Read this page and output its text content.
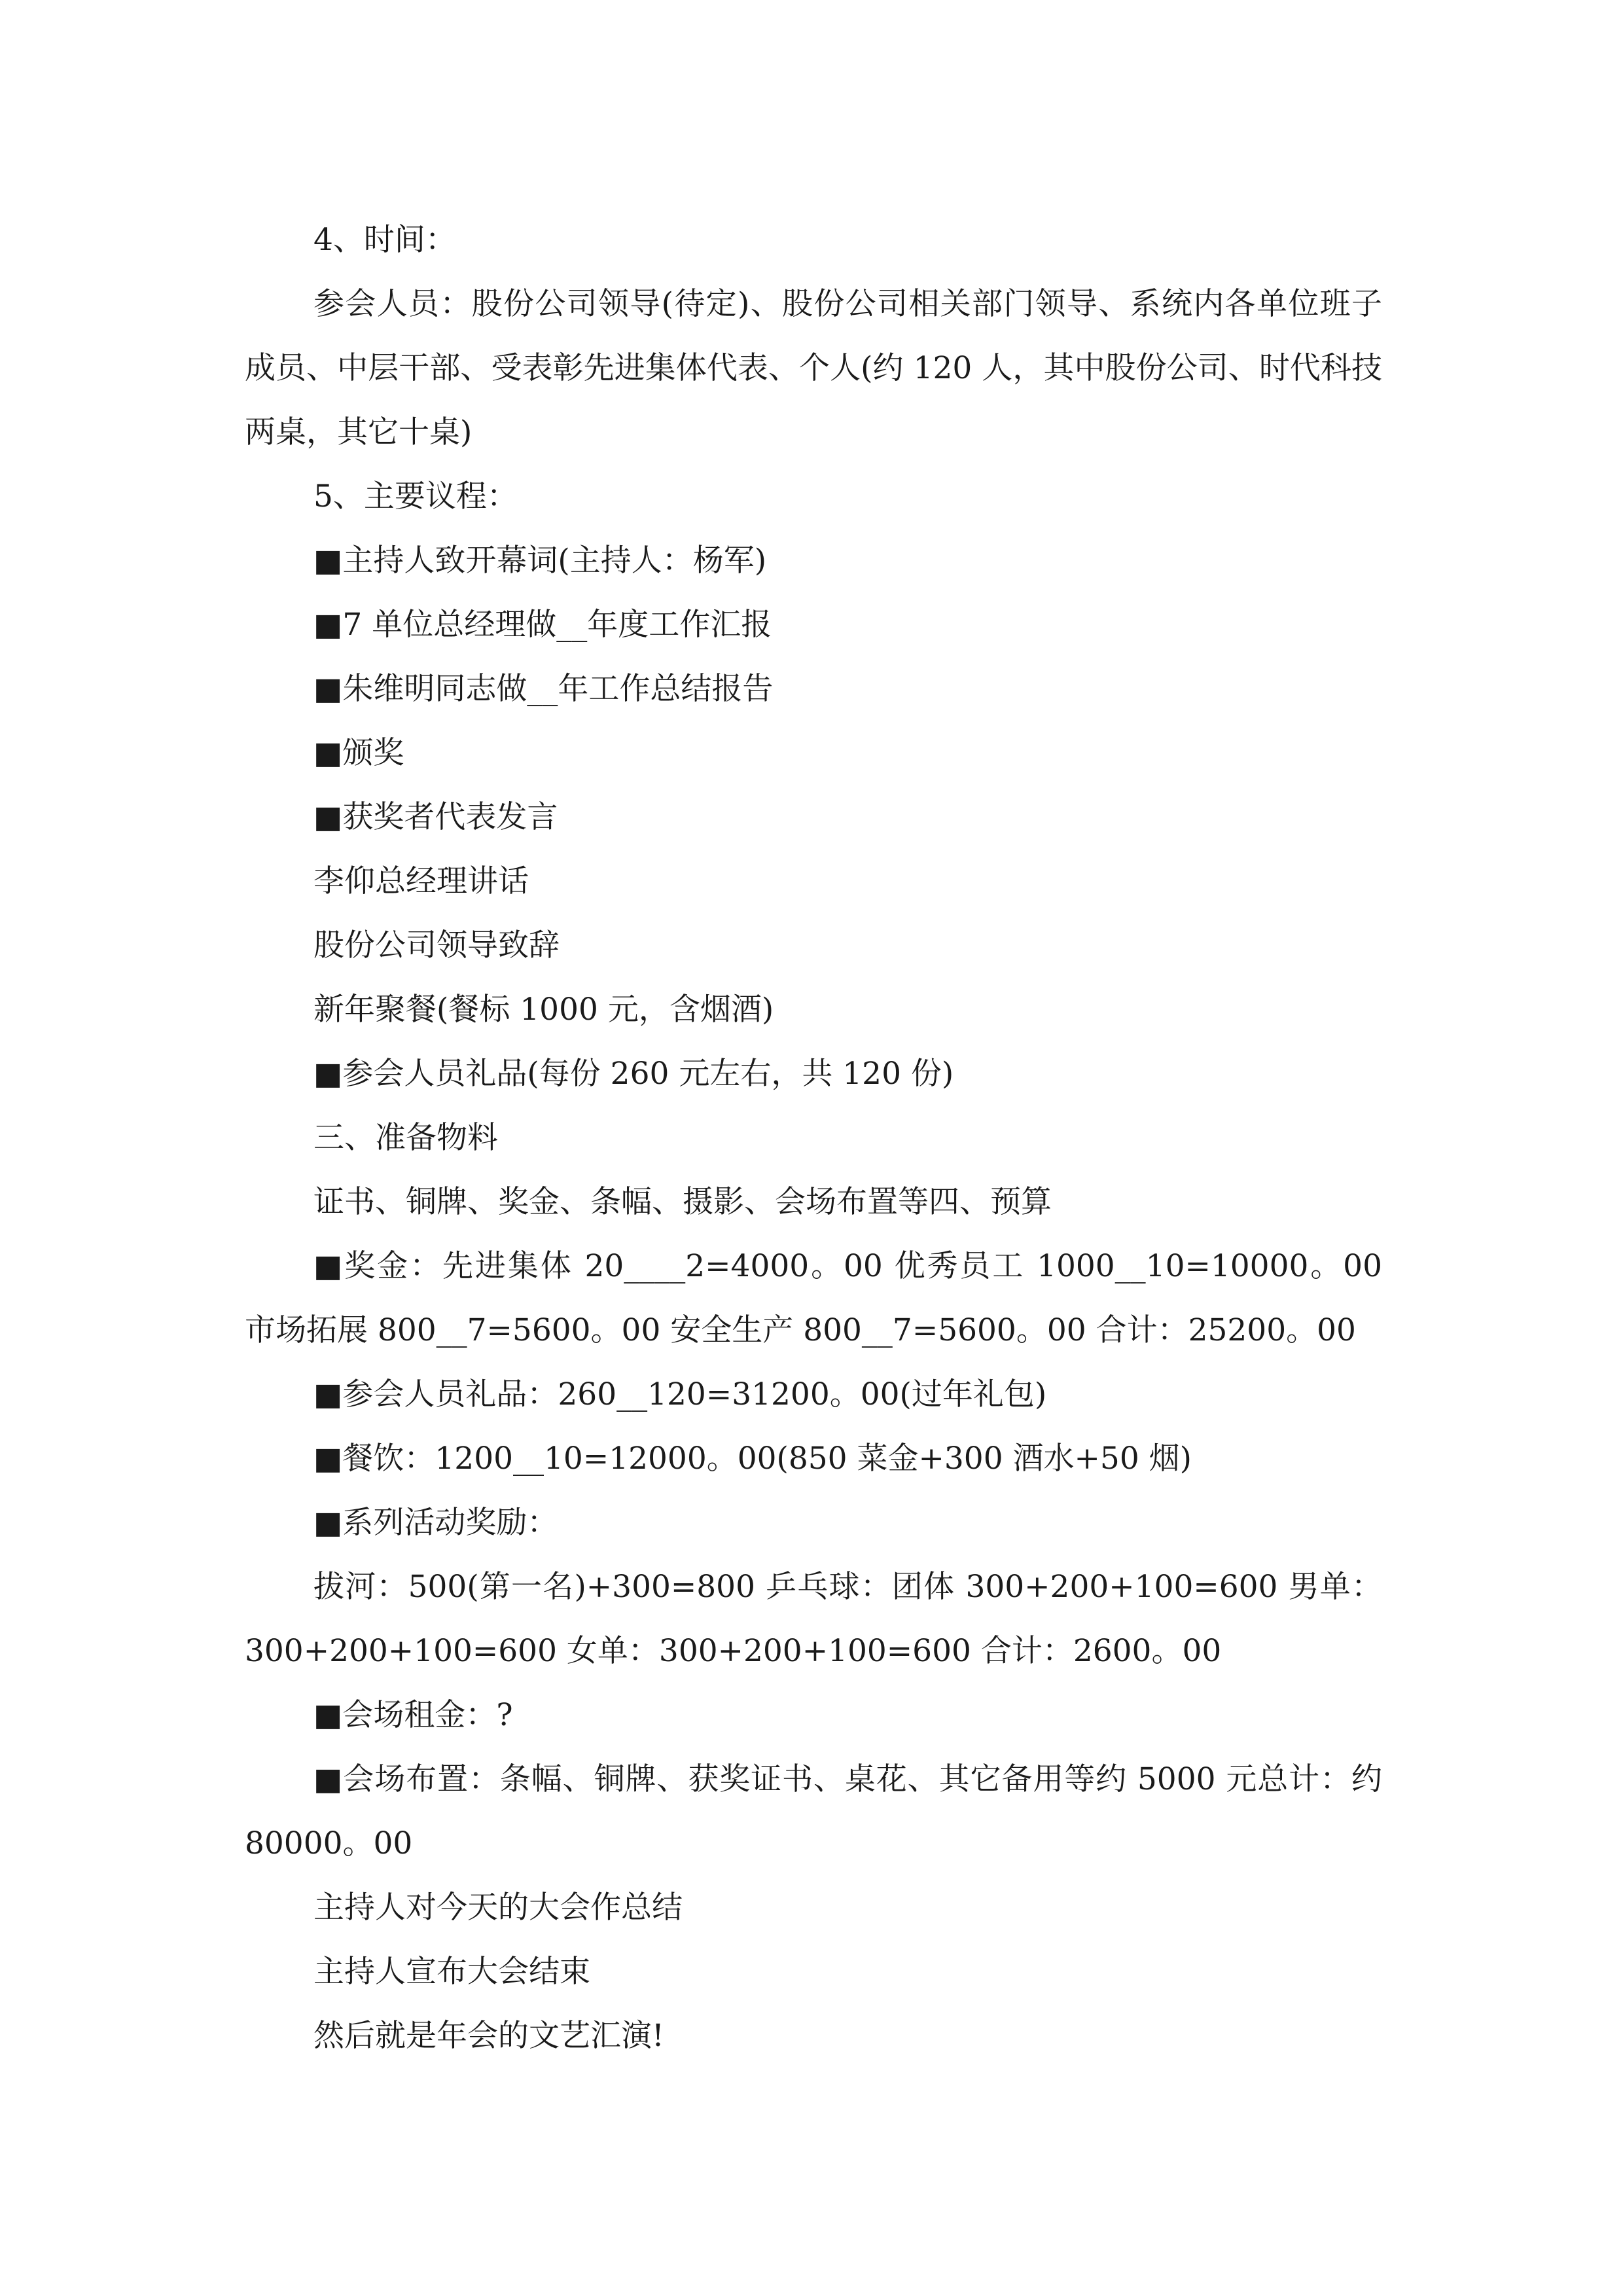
4、时间：

参会人员：股份公司领导(待定)、股份公司相关部门领导、系统内各单位班子成员、中层干部、受表彰先进集体代表、个人(约 120 人，其中股份公司、时代科技两桌，其它十桌)

5、主要议程：

■主持人致开幕词(主持人：杨军)

■7 单位总经理做__年度工作汇报

■朱维明同志做__年工作总结报告

■颁奖

■获奖者代表发言

李仰总经理讲话

股份公司领导致辞

新年聚餐(餐标 1000 元，含烟酒)

■参会人员礼品(每份 260 元左右，共 120 份)

三、准备物料

证书、铜牌、奖金、条幅、摄影、会场布置等四、预算

■奖金：先进集体 20____2=4000。00 优秀员工 1000__10=10000。00 市场拓展 800__7=5600。00 安全生产 800__7=5600。00 合计：25200。00

■参会人员礼品：260__120=31200。00(过年礼包)

■餐饮：1200__10=12000。00(850 菜金+300 酒水+50 烟)

■系列活动奖励：

拔河：500(第一名)+300=800 乒乓球：团体 300+200+100=600 男单：300+200+100=600 女单：300+200+100=600 合计：2600。00

■会场租金：?

■会场布置：条幅、铜牌、获奖证书、桌花、其它备用等约 5000 元总计：约 80000。00

主持人对今天的大会作总结

主持人宣布大会结束

然后就是年会的文艺汇演!
